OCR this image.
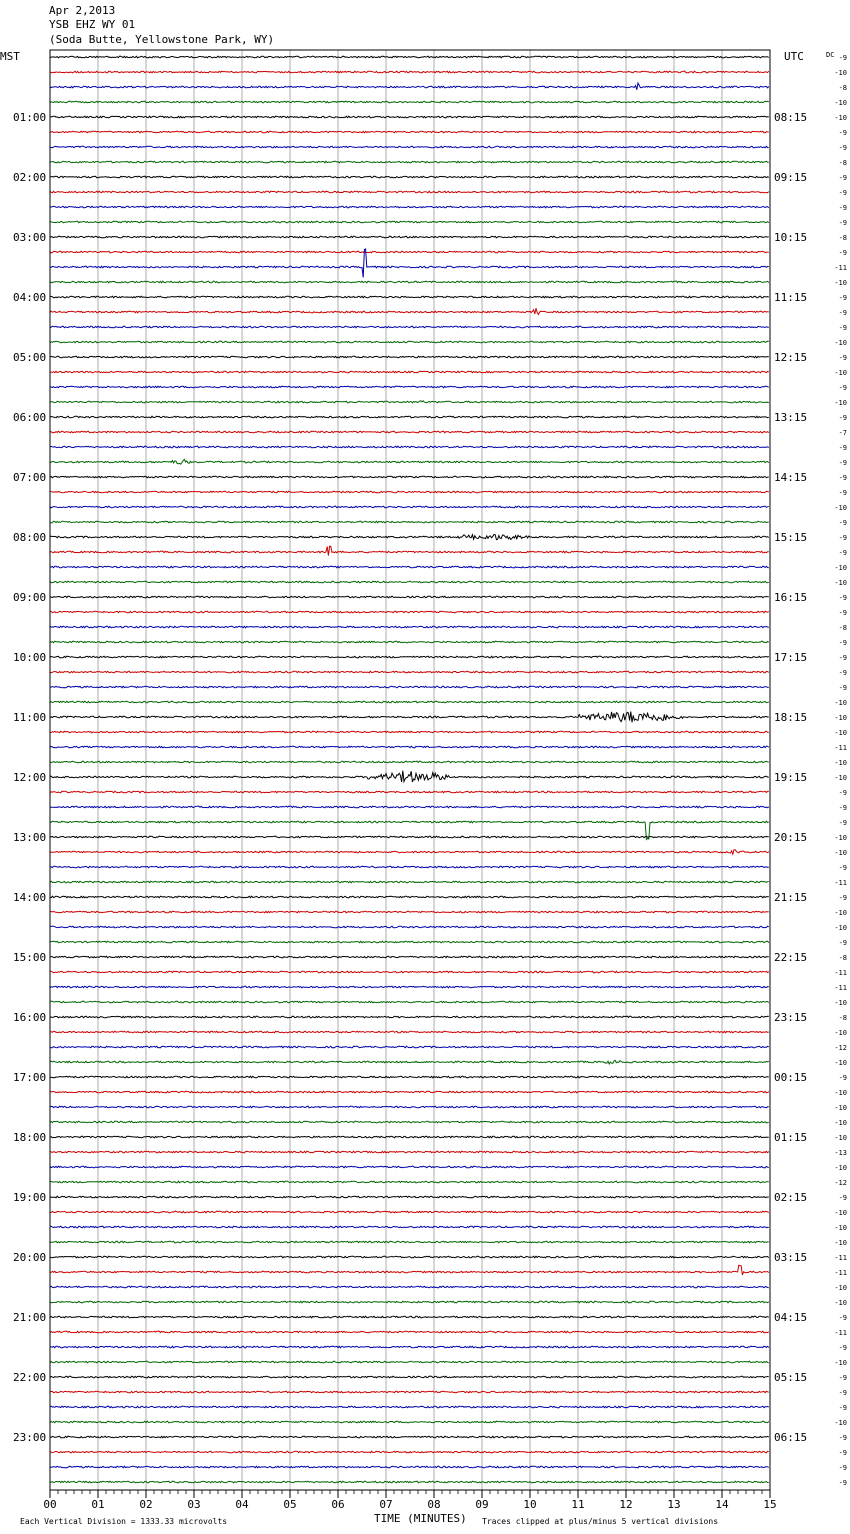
Apr 2,2013
YSB EHZ WY 01
(Soda Butte, Yellowstone Park, WY)
-9
-10
-8
-10
-10
-9
-9
-8
-9
-9
-9
-9
-8
-9
-11
-10
-9
-9
-9
-10
-9
-10
-9
-10
-9
-7
-9
-9
-9
-9
-10
-9
-9
-9
-10
-10
-9
-9
-8
-9
-9
-9
-9
-10
-10
-10
-11
-10
-10
-9
-9
-9
-10
-10
-9
-11
-9
-10
-10
-9
-8
-11
-11
-10
-8
-10
-12
-10
-9
-10
-10
-10
-10
-13
-10
-12
-9
-10
-10
-10
-11
-11
-10
-10
-9
-11
-9
-10
-9
-9
-9
-10
-9
-9
-9
-9
01:00	08:15
02:00	09:15
03:00	10:15
04:00	11:15
05:00	12:15
06:00	13:15
07:00	14:15
08:00	15:15
09:00	16:15
10:00	17:15
11:00	18:15
12:00	19:15
13:00	20:15
14:00	21:15
15:00	22:15
16:00	23:15
17:00	00:15
18:00	01:15
19:00	02:15
20:00	03:15
21:00	04:15
22:00	05:15
23:00	06:15
00	01	02	03	04	05	06	07	08	09	10	11	12	13	14	15
MST	UTC	DC
TIME (MINUTES)
Each Vertical Division = 1333.33 microvolts	Traces clipped at plus/minus 5 vertical divisions
